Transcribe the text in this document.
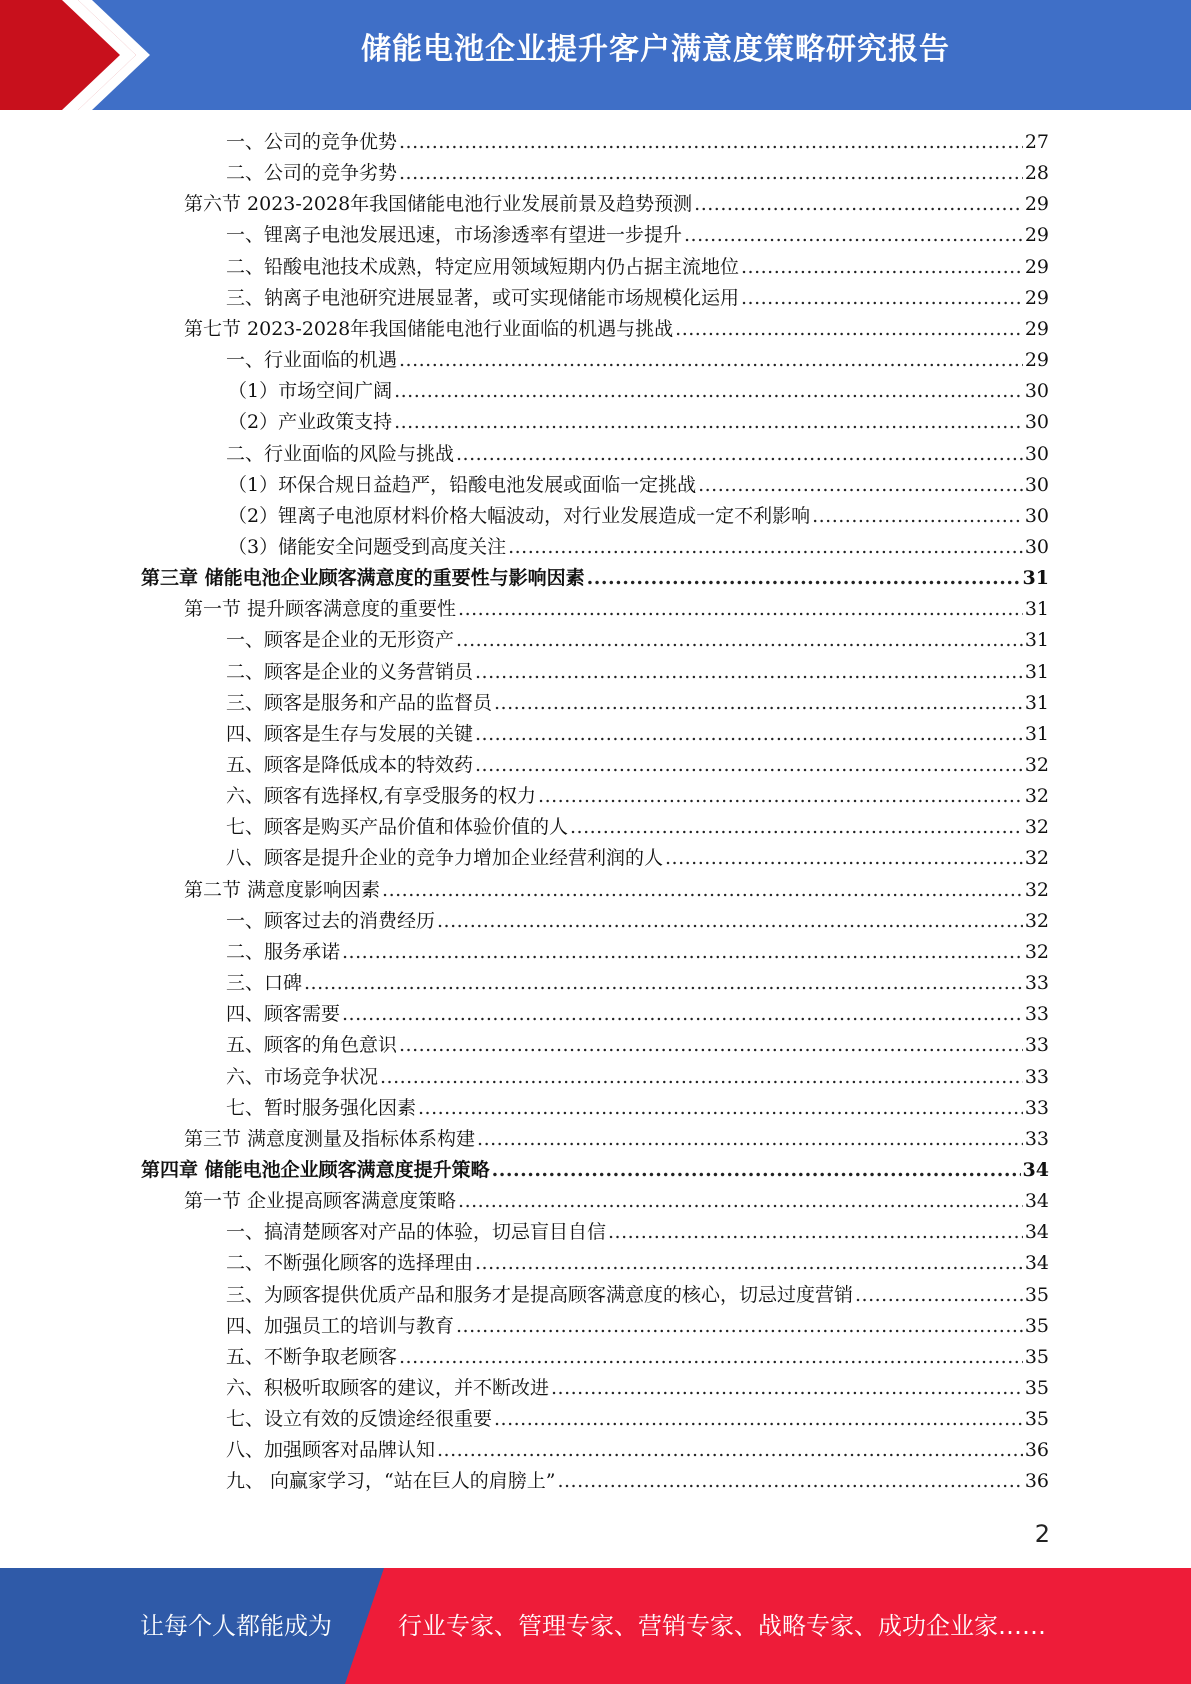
储能电池企业提升客户满意度策略研究报告
一、公司的竞争优势 .....	27
二、公司的竞争劣势 .....	28
第六节 2023-2028年我国储能电池行业发展前景及趋势预测 .....	29
一、锂离子电池发展迅速，市场渗透率有望进一步提升 .....	29
二、铅酸电池技术成熟，特定应用领域短期内仍占据主流地位 .....	29
三、钠离子电池研究进展显著，或可实现储能市场规模化运用 .....	29
第七节 2023-2028年我国储能电池行业面临的机遇与挑战 .....	29
一、行业面临的机遇 .....	29
（1）市场空间广阔 .....	30
（2）产业政策支持 .....	30
二、行业面临的风险与挑战 .....	30
（1）环保合规日益趋严，铅酸电池发展或面临一定挑战 .....	30
（2）锂离子电池原材料价格大幅波动，对行业发展造成一定不利影响 .....	30
（3）储能安全问题受到高度关注 .....	30
第三章 储能电池企业顾客满意度的重要性与影响因素 .....	31
第一节 提升顾客满意度的重要性 .....	31
一、顾客是企业的无形资产 .....	31
二、顾客是企业的义务营销员 .....	31
三、顾客是服务和产品的监督员 .....	31
四、顾客是生存与发展的关键 .....	31
五、顾客是降低成本的特效药 .....	32
六、顾客有选择权,有享受服务的权力 .....	32
七、顾客是购买产品价值和体验价值的人 .....	32
八、顾客是提升企业的竞争力增加企业经营利润的人 .....	32
第二节 满意度影响因素 .....	32
一、顾客过去的消费经历 .....	32
二、服务承诺 .....	32
三、口碑 .....	33
四、顾客需要 .....	33
五、顾客的角色意识 .....	33
六、市场竞争状况 .....	33
七、暂时服务强化因素 .....	33
第三节 满意度测量及指标体系构建 .....	33
第四章 储能电池企业顾客满意度提升策略 .....	34
第一节 企业提高顾客满意度策略 .....	34
一、搞清楚顾客对产品的体验，切忌盲目自信 .....	34
二、不断强化顾客的选择理由 .....	34
三、为顾客提供优质产品和服务才是提高顾客满意度的核心，切忌过度营销 .....	35
四、加强员工的培训与教育 .....	35
五、不断争取老顾客 .....	35
六、积极听取顾客的建议，并不断改进 .....	35
七、设立有效的反馈途经很重要 .....	35
八、加强顾客对品牌认知 .....	36
九、 向赢家学习，“站在巨人的肩膀上” .....	36
2
让每个人都能成为	行业专家、管理专家、营销专家、战略专家、成功企业家……
